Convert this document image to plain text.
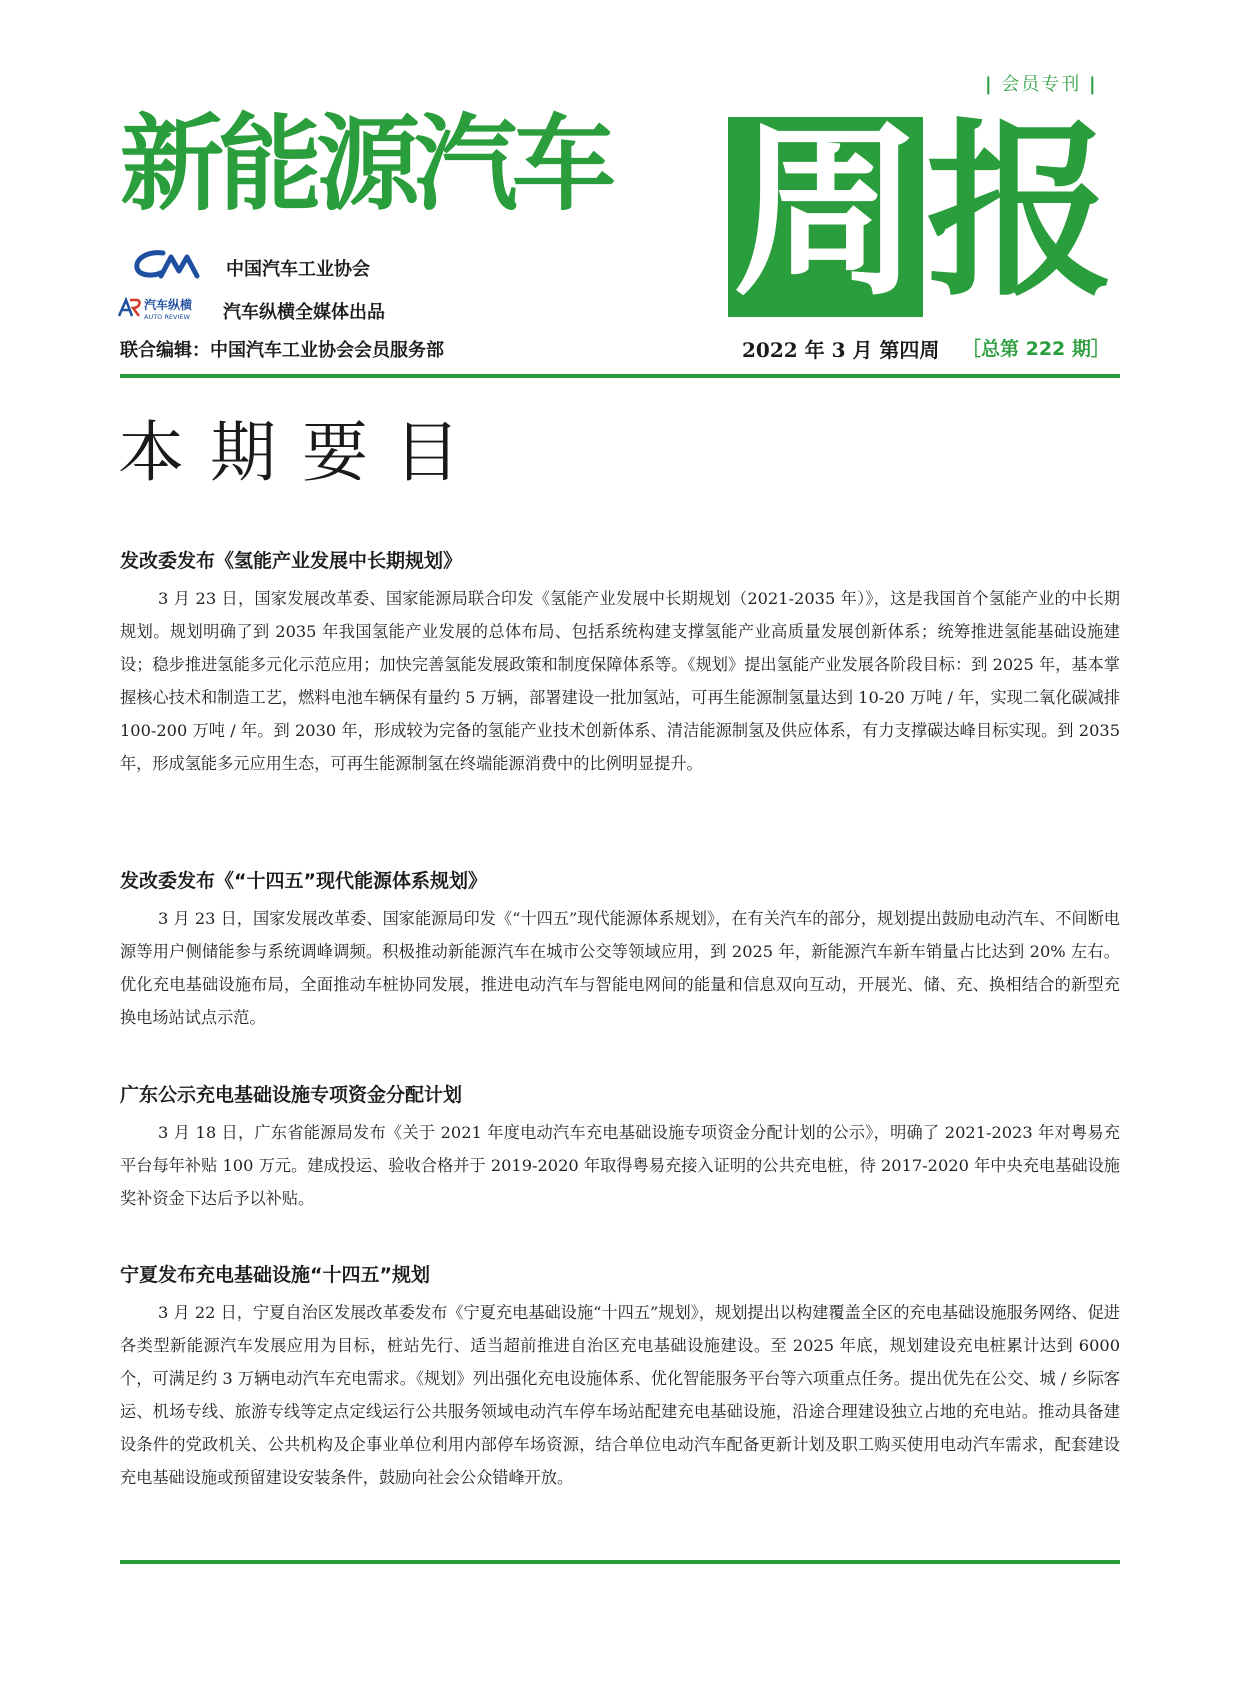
| 会员专刊 |
新能源汽车 周 报
中国汽车工业协会
汽车纵横
AUTO REVIEW 汽车纵横全媒体出品
联合编辑：中国汽车工业协会会员服务部	2022 年 3 月 第四周 ［总第 222 期］
本期要目
发改委发布《氢能产业发展中长期规划》

3 月 23 日，国家发展改革委、国家能源局联合印发《氢能产业发展中长期规划（2021-2035 年）》，这是我国首个氢能产业的中长期规划。规划明确了到 2035 年我国氢能产业发展的总体布局、包括系统构建支撑氢能产业高质量发展创新体系；统筹推进氢能基础设施建设；稳步推进氢能多元化示范应用；加快完善氢能发展政策和制度保障体系等。《规划》提出氢能产业发展各阶段目标：到 2025 年，基本掌握核心技术和制造工艺，燃料电池车辆保有量约 5 万辆，部署建设一批加氢站，可再生能源制氢量达到 10-20 万吨 / 年，实现二氧化碳减排 100-200 万吨 / 年。到 2030 年，形成较为完备的氢能产业技术创新体系、清洁能源制氢及供应体系，有力支撑碳达峰目标实现。到 2035 年，形成氢能多元应用生态，可再生能源制氢在终端能源消费中的比例明显提升。

发改委发布《“十四五”现代能源体系规划》

3 月 23 日，国家发展改革委、国家能源局印发《“十四五”现代能源体系规划》，在有关汽车的部分，规划提出鼓励电动汽车、不间断电源等用户侧储能参与系统调峰调频。积极推动新能源汽车在城市公交等领域应用，到 2025 年，新能源汽车新车销量占比达到 20% 左右。优化充电基础设施布局，全面推动车桩协同发展，推进电动汽车与智能电网间的能量和信息双向互动，开展光、储、充、换相结合的新型充换电场站试点示范。

广东公示充电基础设施专项资金分配计划

3 月 18 日，广东省能源局发布《关于 2021 年度电动汽车充电基础设施专项资金分配计划的公示》，明确了 2021-2023 年对粤易充平台每年补贴 100 万元。建成投运、验收合格并于 2019-2020 年取得粤易充接入证明的公共充电桩，待 2017-2020 年中央充电基础设施奖补资金下达后予以补贴。

宁夏发布充电基础设施“十四五”规划

3 月 22 日，宁夏自治区发展改革委发布《宁夏充电基础设施“十四五”规划》，规划提出以构建覆盖全区的充电基础设施服务网络、促进各类型新能源汽车发展应用为目标，桩站先行、适当超前推进自治区充电基础设施建设。至 2025 年底，规划建设充电桩累计达到 6000 个，可满足约 3 万辆电动汽车充电需求。《规划》列出强化充电设施体系、优化智能服务平台等六项重点任务。提出优先在公交、城 / 乡际客运、机场专线、旅游专线等定点定线运行公共服务领域电动汽车停车场站配建充电基础设施，沿途合理建设独立占地的充电站。推动具备建设条件的党政机关、公共机构及企事业单位利用内部停车场资源，结合单位电动汽车配备更新计划及职工购买使用电动汽车需求，配套建设充电基础设施或预留建设安装条件，鼓励向社会公众错峰开放。
